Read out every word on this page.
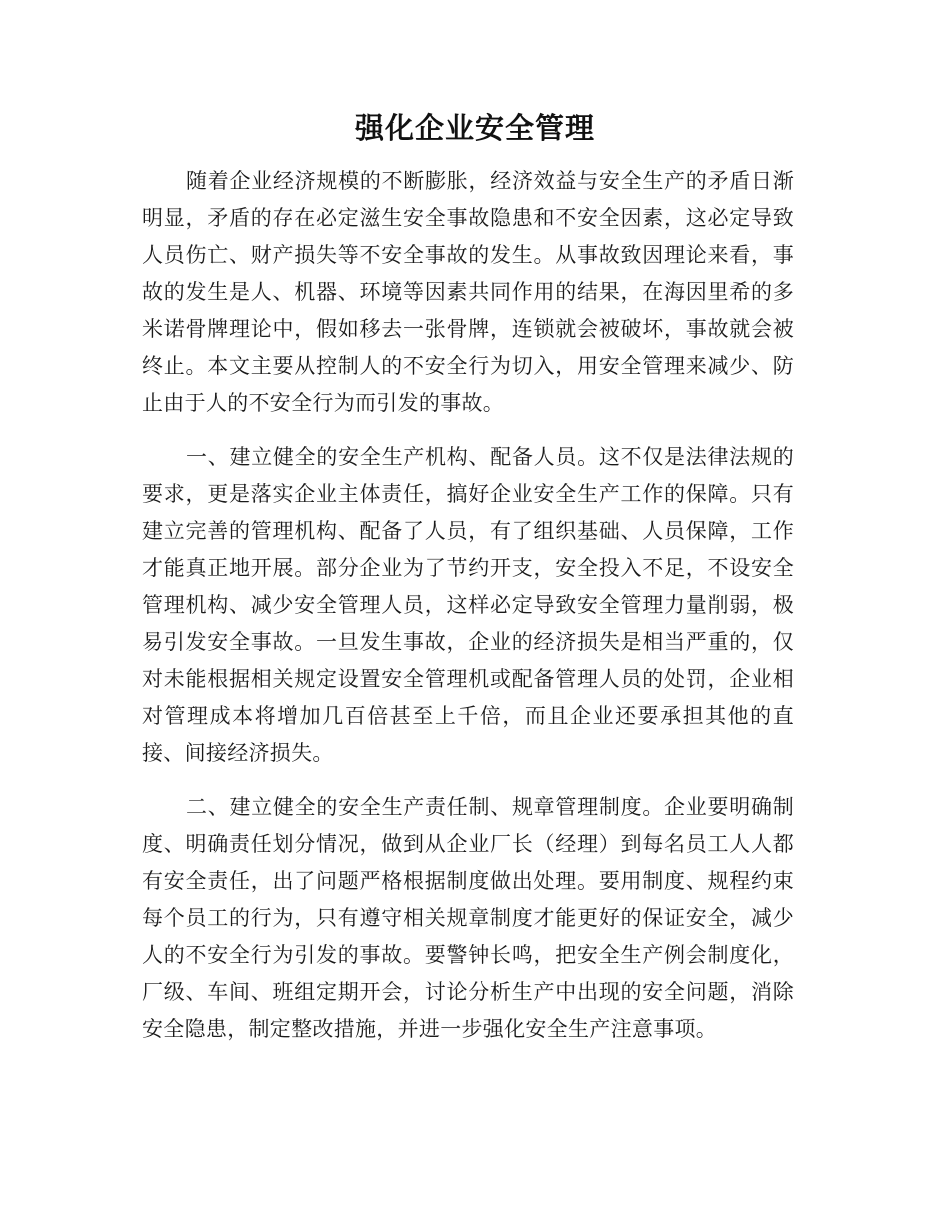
强化企业安全管理

随着企业经济规模的不断膨胀，经济效益与安全生产的矛盾日渐明显，矛盾的存在必定滋生安全事故隐患和不安全因素，这必定导致人员伤亡、财产损失等不安全事故的发生。从事故致因理论来看，事故的发生是人、机器、环境等因素共同作用的结果，在海因里希的多米诺骨牌理论中，假如移去一张骨牌，连锁就会被破坏，事故就会被终止。本文主要从控制人的不安全行为切入，用安全管理来减少、防止由于人的不安全行为而引发的事故。

一、建立健全的安全生产机构、配备人员。这不仅是法律法规的要求，更是落实企业主体责任，搞好企业安全生产工作的保障。只有建立完善的管理机构、配备了人员，有了组织基础、人员保障，工作才能真正地开展。部分企业为了节约开支，安全投入不足，不设安全管理机构、减少安全管理人员，这样必定导致安全管理力量削弱，极易引发安全事故。一旦发生事故，企业的经济损失是相当严重的，仅对未能根据相关规定设置安全管理机或配备管理人员的处罚，企业相对管理成本将增加几百倍甚至上千倍，而且企业还要承担其他的直接、间接经济损失。

二、建立健全的安全生产责任制、规章管理制度。企业要明确制度、明确责任划分情况，做到从企业厂长（经理）到每名员工人人都有安全责任，出了问题严格根据制度做出处理。要用制度、规程约束每个员工的行为，只有遵守相关规章制度才能更好的保证安全，减少人的不安全行为引发的事故。要警钟长鸣，把安全生产例会制度化，厂级、车间、班组定期开会，讨论分析生产中出现的安全问题，消除安全隐患，制定整改措施，并进一步强化安全生产注意事项。
